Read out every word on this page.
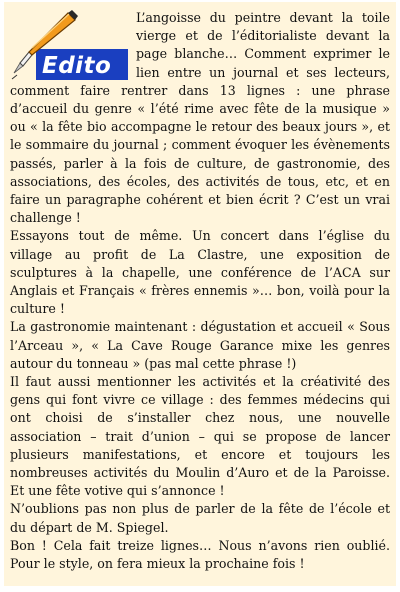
Edito

L’angoisse du peintre devant la toile vierge et de l’éditorialiste devant la page blanche… Comment exprimer le lien entre un journal et ses lecteurs, comment faire rentrer dans 13 lignes : une phrase d’accueil du genre « l’été rime avec fête de la musique » ou « la fête bio accompagne le retour des beaux jours », et le sommaire du journal ; comment évoquer les évènements passés, parler à la fois de culture, de gastronomie, des associations, des écoles, des activités de tous, etc, et en faire un paragraphe cohérent et bien écrit ? C’est un vrai challenge !

Essayons tout de même. Un concert dans l’église du village au profit de La Clastre, une exposition de sculptures à la chapelle, une conférence de l’ACA sur Anglais et Français « frères ennemis »… bon, voilà pour la culture !

La gastronomie maintenant : dégustation et accueil « Sous l’Arceau », « La Cave Rouge Garance mixe les genres autour du tonneau » (pas mal cette phrase !)

Il faut aussi mentionner les activités et la créativité des gens qui font vivre ce village : des femmes médecins qui ont choisi de s’installer chez nous, une nouvelle association – trait d’union – qui se propose de lancer plusieurs manifestations, et encore et toujours les nombreuses activités du Moulin d’Auro et de la Paroisse. Et une fête votive qui s’annonce !

N’oublions pas non plus de parler de la fête de l’école et du départ de M. Spiegel.

Bon ! Cela fait treize lignes… Nous n’avons rien oublié. Pour le style, on fera mieux la prochaine fois !
